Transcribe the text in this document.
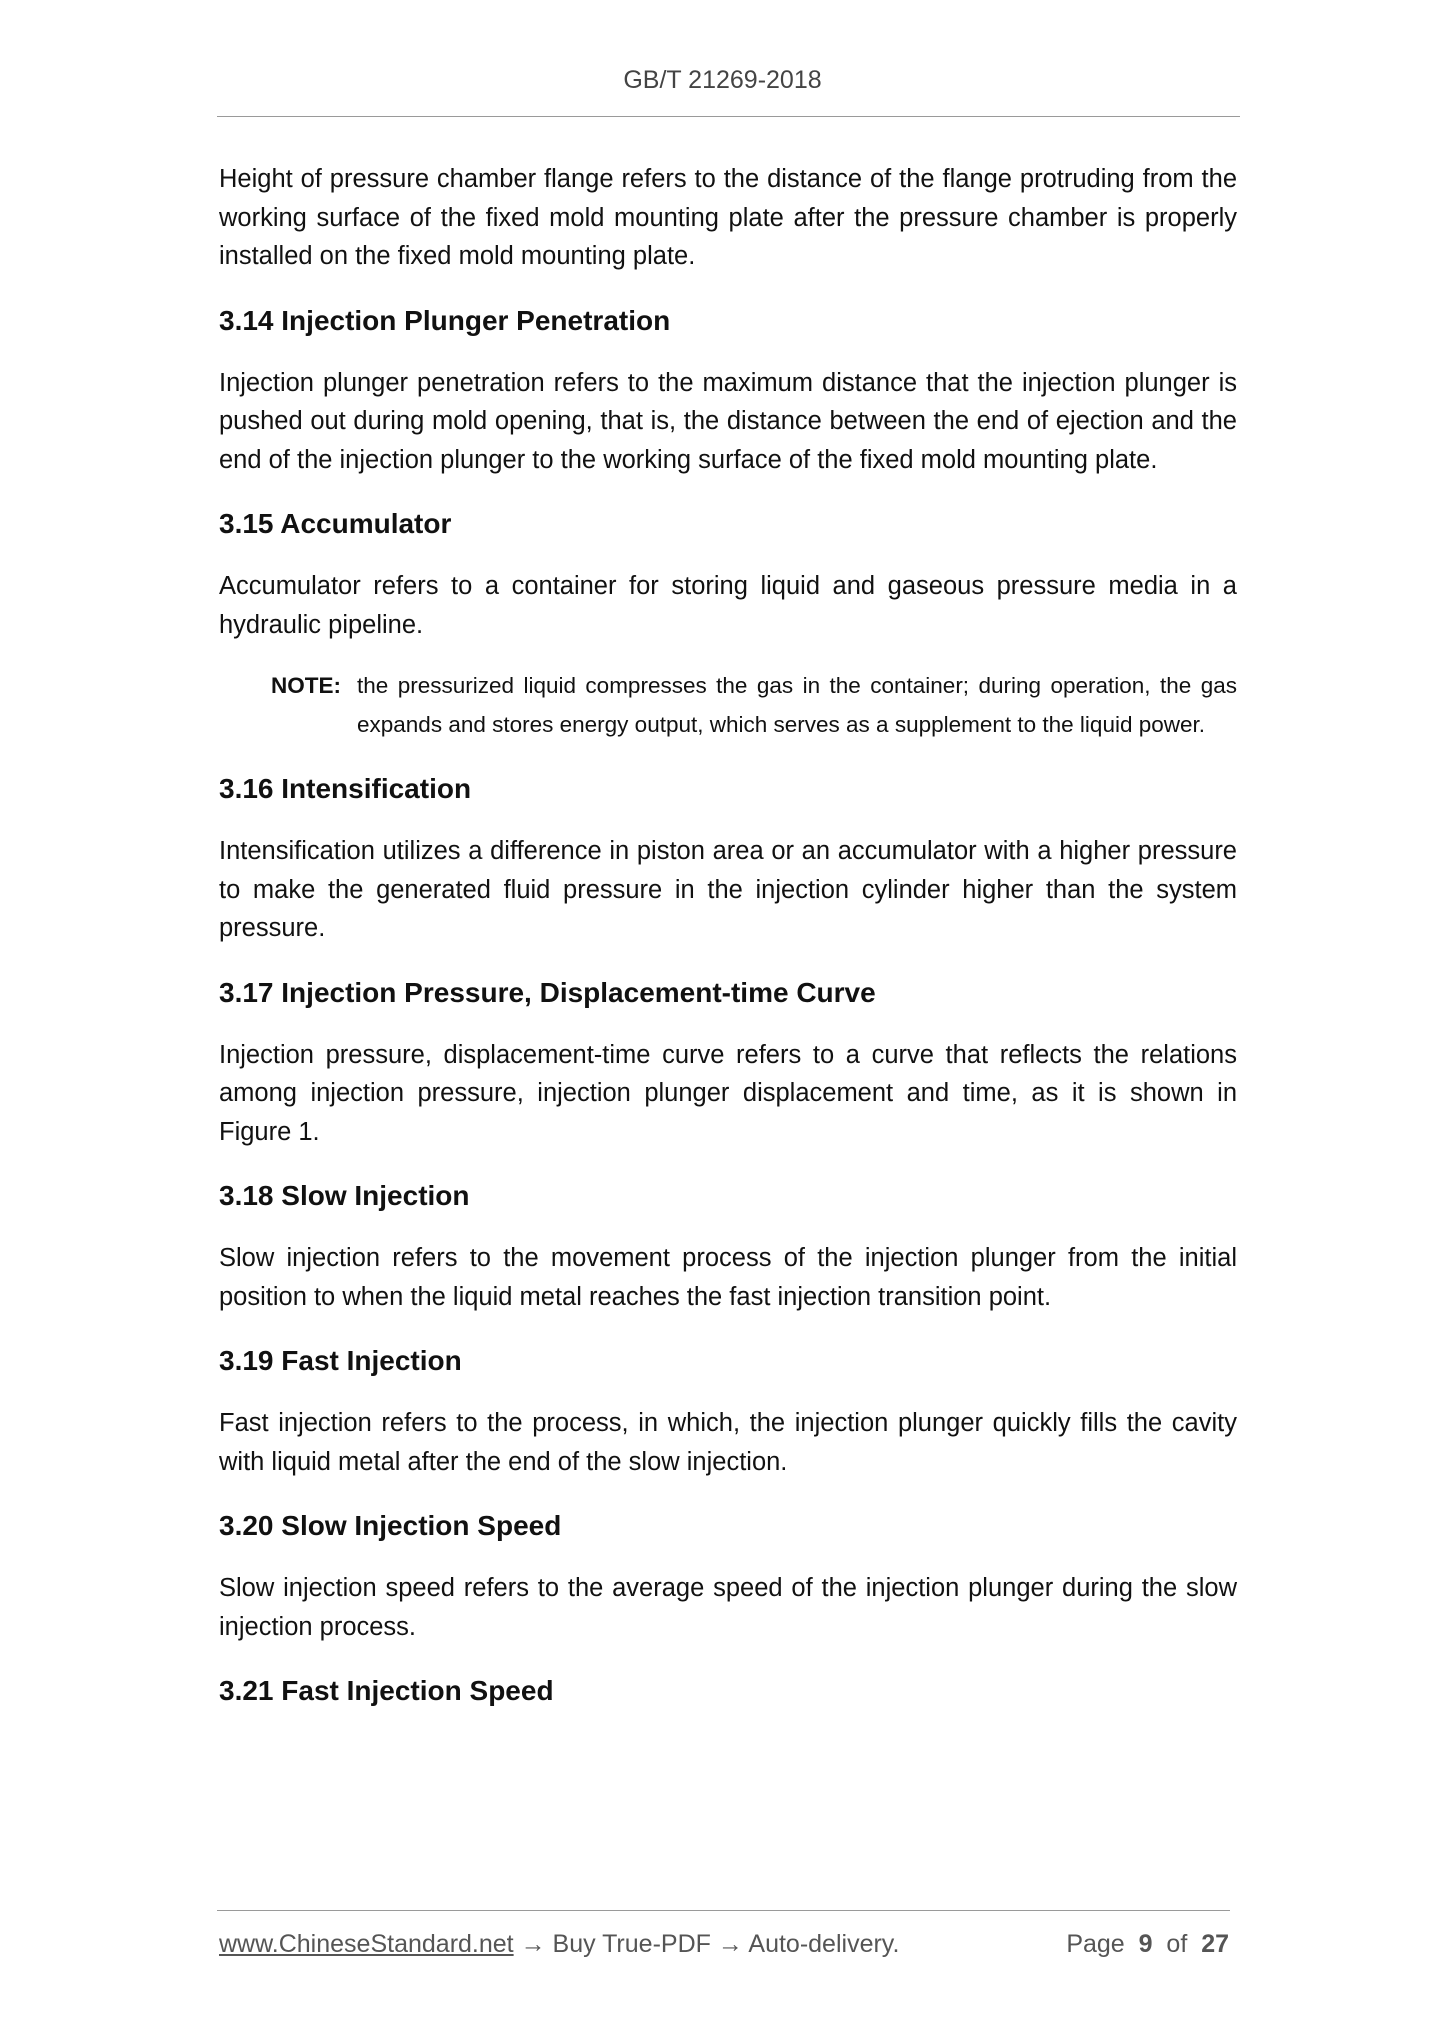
GB/T 21269-2018

Height of pressure chamber flange refers to the distance of the flange protruding from the working surface of the fixed mold mounting plate after the pressure chamber is properly installed on the fixed mold mounting plate.

3.14 Injection Plunger Penetration

Injection plunger penetration refers to the maximum distance that the injection plunger is pushed out during mold opening, that is, the distance between the end of ejection and the end of the injection plunger to the working surface of the fixed mold mounting plate.

3.15 Accumulator

Accumulator refers to a container for storing liquid and gaseous pressure media in a hydraulic pipeline.

NOTE: the pressurized liquid compresses the gas in the container; during operation, the gas expands and stores energy output, which serves as a supplement to the liquid power.
3.16 Intensification

Intensification utilizes a difference in piston area or an accumulator with a higher pressure to make the generated fluid pressure in the injection cylinder higher than the system pressure.

3.17 Injection Pressure, Displacement-time Curve

Injection pressure, displacement-time curve refers to a curve that reflects the relations among injection pressure, injection plunger displacement and time, as it is shown in Figure 1.

3.18 Slow Injection

Slow injection refers to the movement process of the injection plunger from the initial position to when the liquid metal reaches the fast injection transition point.

3.19 Fast Injection

Fast injection refers to the process, in which, the injection plunger quickly fills the cavity with liquid metal after the end of the slow injection.

3.20 Slow Injection Speed

Slow injection speed refers to the average speed of the injection plunger during the slow injection process.

3.21 Fast Injection Speed
www.ChineseStandard.net → Buy True-PDF → Auto-delivery.	Page 9 of 27
